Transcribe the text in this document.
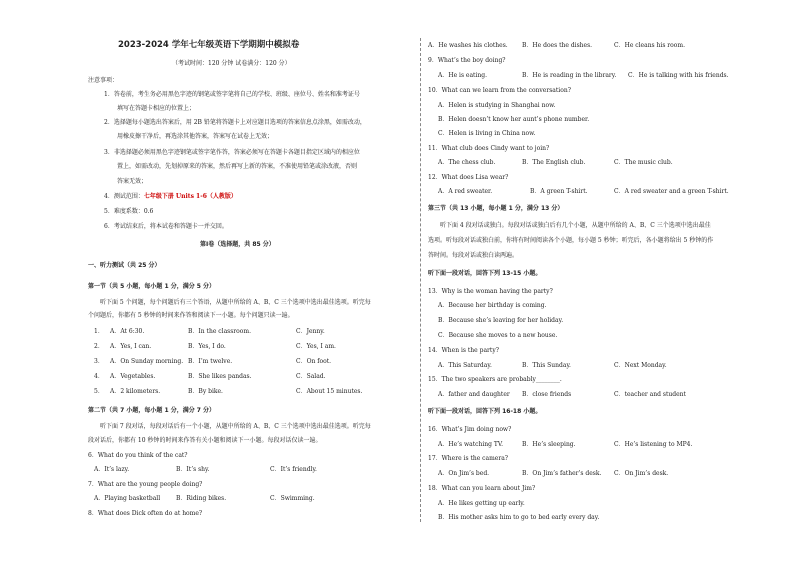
2023-2024 学年七年级英语下学期期中模拟卷
（考试时间：120 分钟 试卷满分：120 分）
注意事项：
1．答卷前，考生务必用黑色字迹的钢笔或签字笔将自己的学校、班级、座位号、姓名和准考证号
填写在答题卡相应的位置上；
2．选择题每小题选出答案后，用 2B 铅笔将答题卡上对应题目选项的答案信息点涂黑，如需改动，
用橡皮擦干净后，再选涂其他答案，答案写在试卷上无效；
3．非选择题必须用黑色字迹钢笔或签字笔作答，答案必须写在答题卡各题目指定区域内的相应位
置上，如需改动，先划掉原来的答案，然后再写上新的答案，不准使用铅笔或涂改液，否则
答案无效；
4．测试范围：七年级下册 Units 1-6（人教版）
5．难度系数：0.6
6．考试结束后，将本试卷和答题卡一并交回。
第Ⅰ卷（选择题，共 85 分）
一、听力测试（共 25 分）
第一节（共 5 小题，每小题 1 分，满分 5 分）
听下面 5 个问题，每个问题后有三个答语，从题中所给的 A、B、C 三个选项中选出最佳选项。听完每
个问题后，你都有 5 秒钟的时间来作答和阅读下一小题。每个问题只读一遍。
1． A．At 6:30.	B．In the classroom.	C．Jenny.
2． A．Yes, I can.	B．Yes, I do.	C．Yes, I am.
3． A．On Sunday morning. B．I’m twelve.	C．On foot.
4． A．Vegetables.	B．She likes pandas.	C．Salad.
5． A．2 kilometers.	B．By bike.	C．About 15 minutes.
第二节（共 7 小题，每小题 1 分，满分 7 分）
听下面 7 段对话，每段对话后有一个小题，从题中所给的 A、B、C 三个选项中选出最佳选项。听完每
段对话后，你都有 10 秒钟的时间来作答有关小题和阅读下一小题。每段对话仅读一遍。
6．What do you think of the cat?
A．It’s lazy.	B．It’s shy.	C．It’s friendly.
7．What are the young people doing?
A．Playing basketball	B．Riding bikes.	C．Swimming.
8．What does Dick often do at home?
A．He washes his clothes. B．He does the dishes.	C．He cleans his room.
9．What’s the boy doing?
A．He is eating.	B．He is reading in the library. C．He is talking with his friends.
10．What can we learn from the conversation?
A．Helen is studying in Shanghai now.
B．Helen doesn’t know her aunt’s phone number.
C．Helen is living in China now.
11．What club does Cindy want to join?
A．The chess club.	B．The English club.	C．The music club.
12．What does Lisa wear?
A．A red sweater.	B．A green T-shirt.	C．A red sweater and a green T-shirt.
第三节（共 13 小题，每小题 1 分，满分 13 分）
听下面 4 段对话或独白。每段对话或独白后有几个小题，从题中所给的 A、B、C 三个选项中选出最佳
选项。听每段对话或独白前，你将有时间阅读各个小题，每小题 5 秒钟；听完后，各小题将给出 5 秒钟的作
答时间。每段对话或独白读两遍。
听下面一段对话，回答下列 13-15 小题。
13．Why is the woman having the party?
A．Because her birthday is coming.
B．Because she’s leaving for her holiday.
C．Because she moves to a new house.
14．When is the party?
A．This Saturday.	B．This Sunday.	C．Next Monday.
15．The two speakers are probably________.
A．father and daughter B．close friends	C．teacher and student
听下面一段对话，回答下列 16-18 小题。
16．What’s Jim doing now?
A．He’s watching TV.	B．He’s sleeping.	C．He’s listening to MP4.
17．Where is the camera?
A．On Jim’s bed.	B．On Jim’s father’s desk. C．On Jim’s desk.
18．What can you learn about Jim?
A．He likes getting up early.
B．His mother asks him to go to bed early every day.
